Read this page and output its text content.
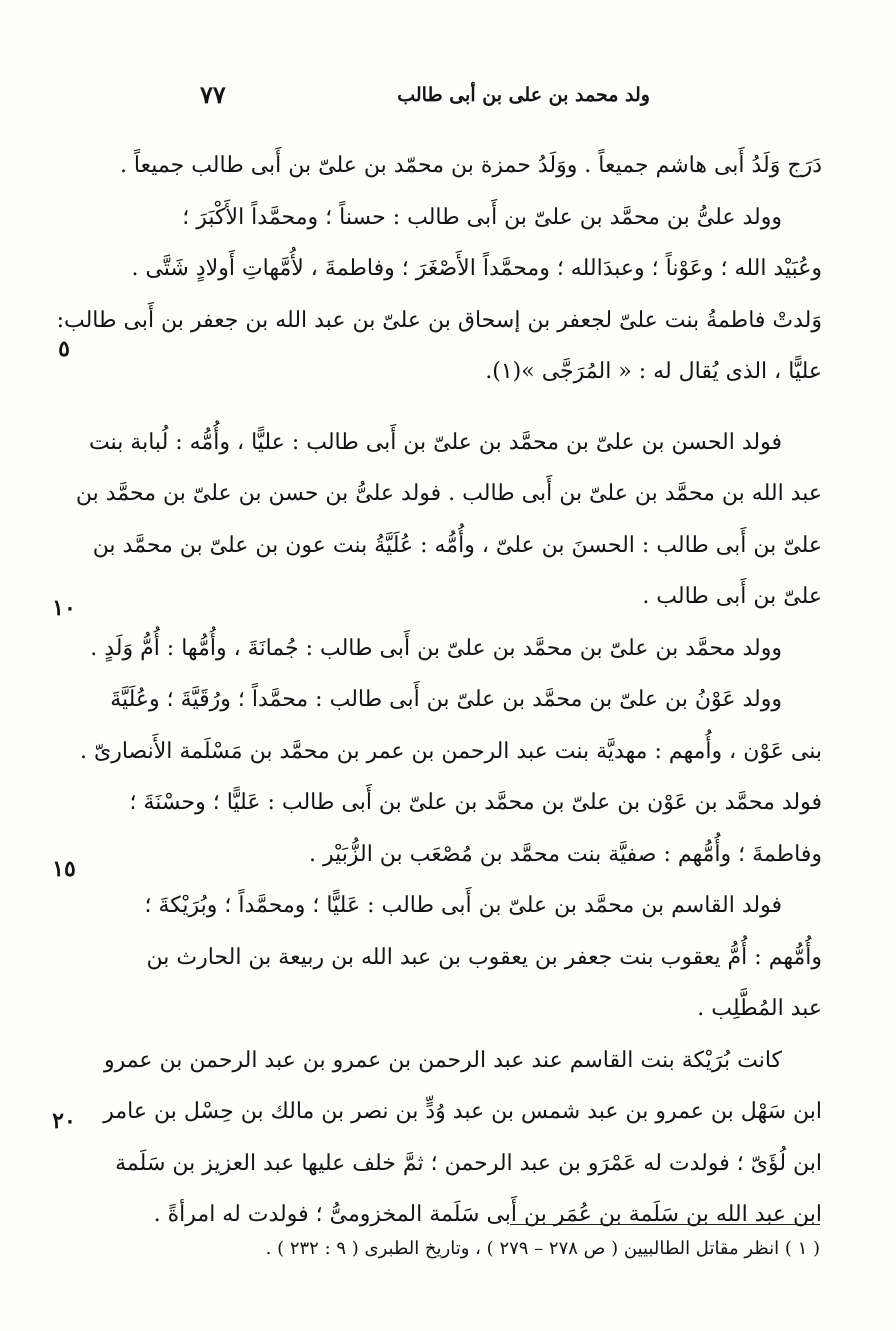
ولد محمد بن على بن أبى طالب
٧٧
٥
١٠
١٥
٢٠
دَرَج وَلَدُ أَبى هاشم جميعاً . ووَلَدُ حمزة بن محمّد بن علىّ بن أَبى طالب جميعاً .
وولد علىُّ بن محمَّد بن علىّ بن أَبى طالب : حسناً ؛ ومحمَّداً الأَكْبَرَ ؛
وعُبَيْد الله ؛ وعَوْناً ؛ وعبدَالله ؛ ومحمَّداً الأَصْغَرَ ؛ وفاطمةَ ، لأُمَّهاتِ أَولادٍ شَتَّى .
وَلدتْ فاطمةُ بنت علىّ لجعفر بن إسحاق بن علىّ بن عبد الله بن جعفر بن أَبى طالب:
عليًّا ، الذى يُقال له : « المُرَجَّى »(١).
فولد الحسن بن علىّ بن محمَّد بن علىّ بن أَبى طالب : عليًّا ، وأُمُّه : لُبابة بنت
عبد الله بن محمَّد بن علىّ بن أَبى طالب . فولد علىُّ بن حسن بن علىّ بن محمَّد بن
علىّ بن أَبى طالب : الحسنَ بن علىّ ، وأُمُّه : عُلَيَّةُ بنت عون بن علىّ بن محمَّد بن
علىّ بن أَبى طالب .
وولد محمَّد بن علىّ بن محمَّد بن علىّ بن أَبى طالب : جُمانَةَ ، وأُمُّها : أُمُّ وَلَدٍ .
وولد عَوْنُ بن علىّ بن محمَّد بن علىّ بن أَبى طالب : محمَّداً ؛ ورُقَيَّةَ ؛ وعُلَيَّةَ
بنى عَوْن ، وأُمهم : مهديَّة بنت عبد الرحمن بن عمر بن محمَّد بن مَسْلَمة الأَنصارىّ .
فولد محمَّد بن عَوْن بن علىّ بن محمَّد بن علىّ بن أَبى طالب : عَليًّا ؛ وحسْنَةَ ؛
وفاطمةَ ؛ وأُمُّهم : صفيَّة بنت محمَّد بن مُصْعَب بن الزُّبَيْر .
فولد القاسم بن محمَّد بن علىّ بن أَبى طالب : عَليًّا ؛ ومحمَّداً ؛ وبُرَيْكةَ ؛
وأُمُّهم : أُمُّ يعقوب بنت جعفر بن يعقوب بن عبد الله بن ربيعة بن الحارث بن
عبد المُطَّلِب .
كانت بُرَيْكة بنت القاسم عند عبد الرحمن بن عمرو بن عبد الرحمن بن عمرو
ابن سَهْل بن عمرو بن عبد شمس بن عبد وُدٍّ بن نصر بن مالك بن حِسْل بن عامر
ابن لُؤَىّ ؛ فولدت له عَمْرَو بن عبد الرحمن ؛ ثمَّ خلف عليها عبد العزيز بن سَلَمة
ابن عبد الله بن سَلَمة بن عُمَر بن أَبى سَلَمة المخزومىُّ ؛ فولدت له امرأةً .
( ١ ) انظر مقاتل الطالبيين ( ص ٢٧٨ – ٢٧٩ ) ، وتاريخ الطبرى ( ٩ : ٢٣٢ ) .
